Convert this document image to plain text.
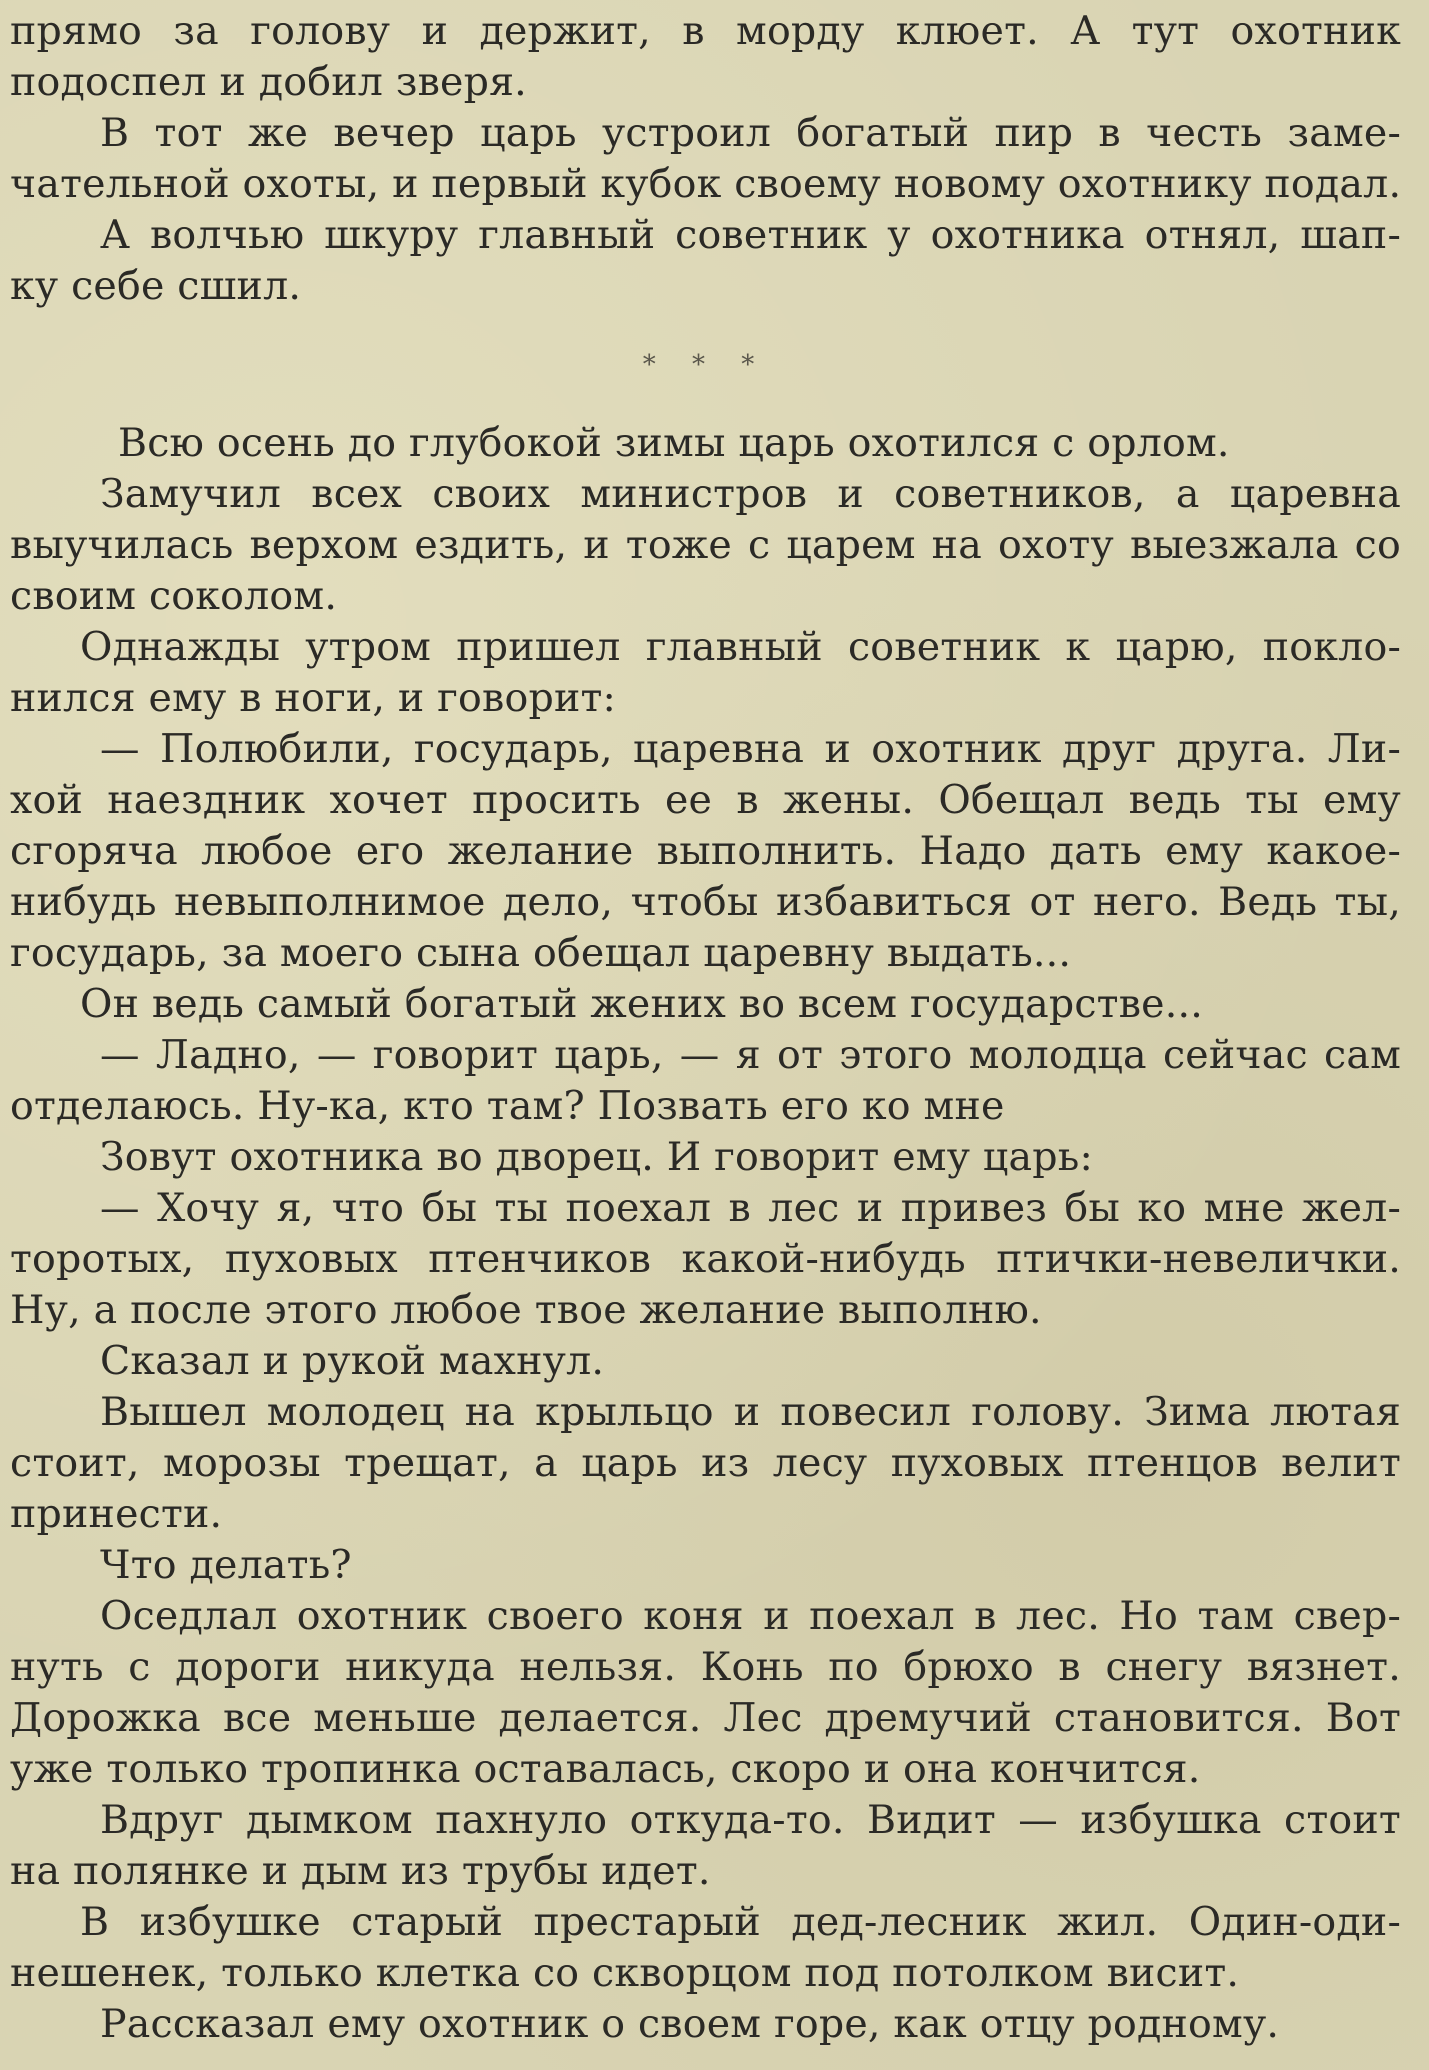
прямо за голову и держит, в морду клюет. А тут охотник
подоспел и добил зверя.
В тот же вечер царь устроил богатый пир в честь заме-
чательной охоты, и первый кубок своему новому охотнику подал.
А волчью шкуру главный советник у охотника отнял, шап-
ку себе сшил.
* * *
Всю осень до глубокой зимы царь охотился с орлом.
Замучил всех своих министров и советников, а царевна
выучилась верхом ездить, и тоже с царем на охоту выезжала со
своим соколом.
Однажды утром пришел главный советник к царю, покло-
нился ему в ноги, и говорит:
— Полюбили, государь, царевна и охотник друг друга. Ли-
хой наездник хочет просить ее в жены. Обещал ведь ты ему
сгоряча любое его желание выполнить. Надо дать ему какое-
нибудь невыполнимое дело, чтобы избавиться от него. Ведь ты,
государь, за моего сына обещал царевну выдать...
Он ведь самый богатый жених во всем государстве...
— Ладно, — говорит царь, — я от этого молодца сейчас сам
отделаюсь. Ну-ка, кто там? Позвать его ко мне
Зовут охотника во дворец. И говорит ему царь:
— Хочу я, что бы ты поехал в лес и привез бы ко мне жел-
торотых, пуховых птенчиков какой-нибудь птички-невелички.
Ну, а после этого любое твое желание выполню.
Сказал и рукой махнул.
Вышел молодец на крыльцо и повесил голову. Зима лютая
стоит, морозы трещат, а царь из лесу пуховых птенцов велит
принести.
Что делать?
Оседлал охотник своего коня и поехал в лес. Но там свер-
нуть с дороги никуда нельзя. Конь по брюхо в снегу вязнет.
Дорожка все меньше делается. Лес дремучий становится. Вот
уже только тропинка оставалась, скоро и она кончится.
Вдруг дымком пахнуло откуда-то. Видит — избушка стоит
на полянке и дым из трубы идет.
В избушке старый престарый дед-лесник жил. Один-оди-
нешенек, только клетка со скворцом под потолком висит.
Рассказал ему охотник о своем горе, как отцу родному.
